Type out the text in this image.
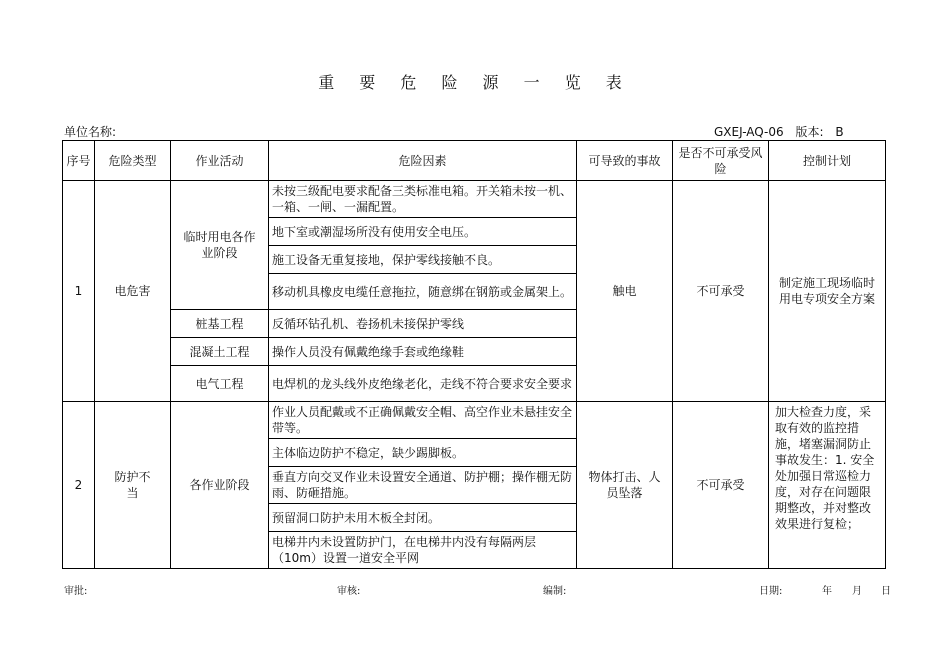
重 要 危 险 源 一 览 表
单位名称:	GXEJ-AQ-06 版本: B
序号	危险类型	作业活动	危险因素	可导致的事故	是否不可承受风险	控制计划
1	电危害	临时用电各作业阶段	未按三级配电要求配备三类标准电箱。开关箱未按一机、一箱、一闸、一漏配置。	触电	不可承受	制定施工现场临时用电专项安全方案
			地下室或潮湿场所没有使用安全电压。			
			施工设备无重复接地，保护零线接触不良。			
			移动机具橡皮电缆任意拖拉，随意绑在钢筋或金属架上。			
		桩基工程	反循环钻孔机、卷扬机未接保护零线			
		混凝土工程	操作人员没有佩戴绝缘手套或绝缘鞋			
		电气工程	电焊机的龙头线外皮绝缘老化，走线不符合要求安全要求			
2	防护不当	各作业阶段	作业人员配戴或不正确佩戴安全帽、高空作业未悬挂安全带等。	物体打击、人员坠落	不可承受	加大检查力度，采取有效的监控措施，堵塞漏洞防止事故发生：1. 安全处加强日常巡检力度，对存在问题限期整改，并对整改效果进行复检；
			主体临边防护不稳定，缺少踢脚板。			
			垂直方向交叉作业未设置安全通道、防护棚；操作棚无防雨、防砸措施。			
			预留洞口防护未用木板全封闭。			
			电梯井内未设置防护门，在电梯井内没有每隔两层（10m）设置一道安全平网			
审批:	审核:	编制:	日期:	年 月 日
